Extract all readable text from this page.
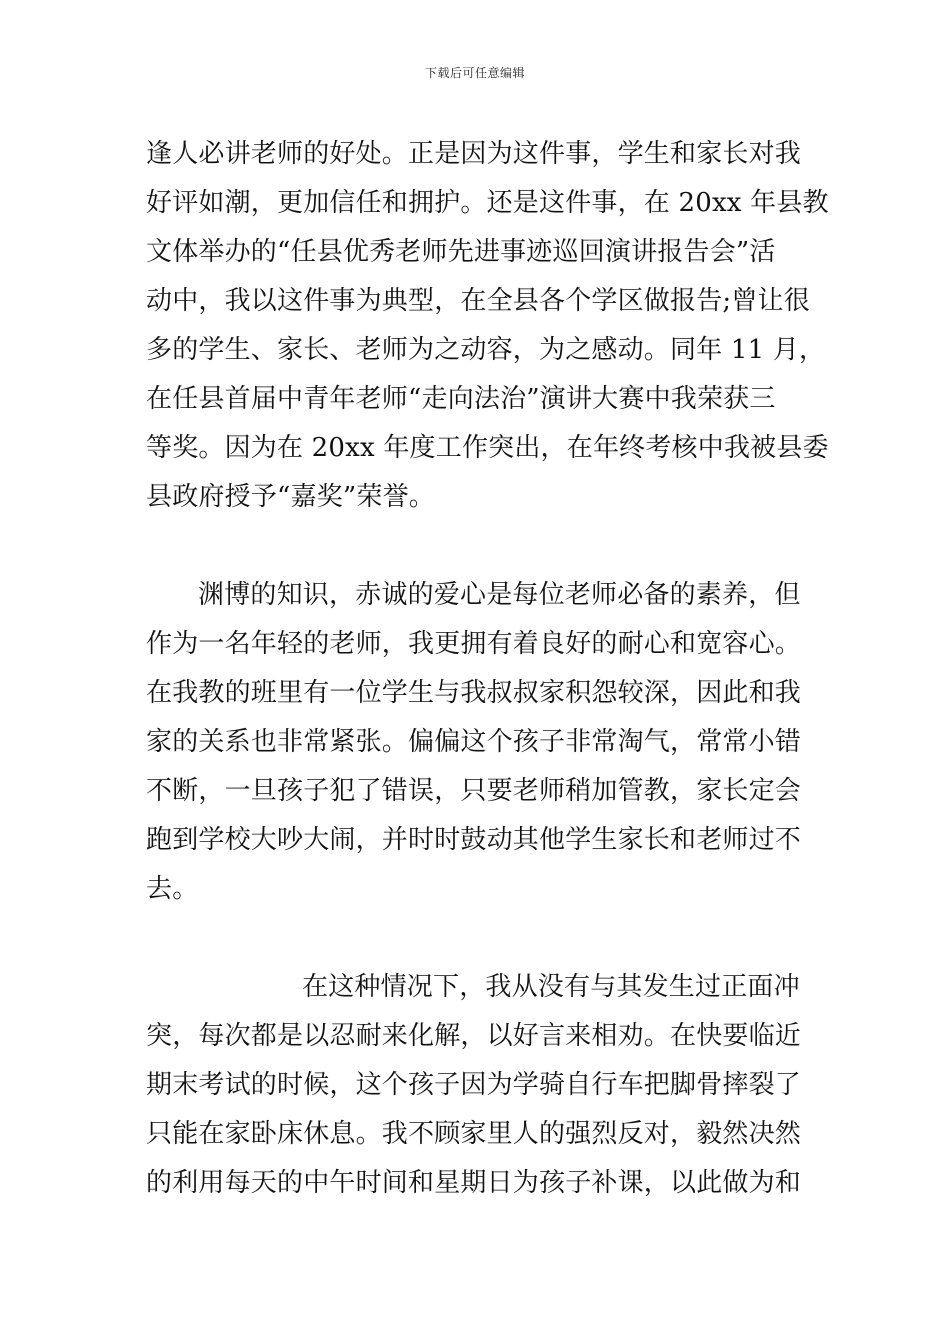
下载后可任意编辑
逢人必讲老师的好处。正是因为这件事，学生和家长对我
好评如潮，更加信任和拥护。还是这件事，在 20xx 年县教
文体举办的“任县优秀老师先进事迹巡回演讲报告会”活
动中，我以这件事为典型，在全县各个学区做报告;曾让很
多的学生、家长、老师为之动容，为之感动。同年 11 月，
在任县首届中青年老师“走向法治”演讲大赛中我荣获三
等奖。因为在 20xx 年度工作突出，在年终考核中我被县委
县政府授予“嘉奖”荣誉。
渊博的知识，赤诚的爱心是每位老师必备的素养，但
作为一名年轻的老师，我更拥有着良好的耐心和宽容心。
在我教的班里有一位学生与我叔叔家积怨较深，因此和我
家的关系也非常紧张。偏偏这个孩子非常淘气，常常小错
不断，一旦孩子犯了错误，只要老师稍加管教，家长定会
跑到学校大吵大闹，并时时鼓动其他学生家长和老师过不
去。
在这种情况下，我从没有与其发生过正面冲
突，每次都是以忍耐来化解，以好言来相劝。在快要临近
期末考试的时候，这个孩子因为学骑自行车把脚骨摔裂了
只能在家卧床休息。我不顾家里人的强烈反对，毅然决然
的利用每天的中午时间和星期日为孩子补课，以此做为和
